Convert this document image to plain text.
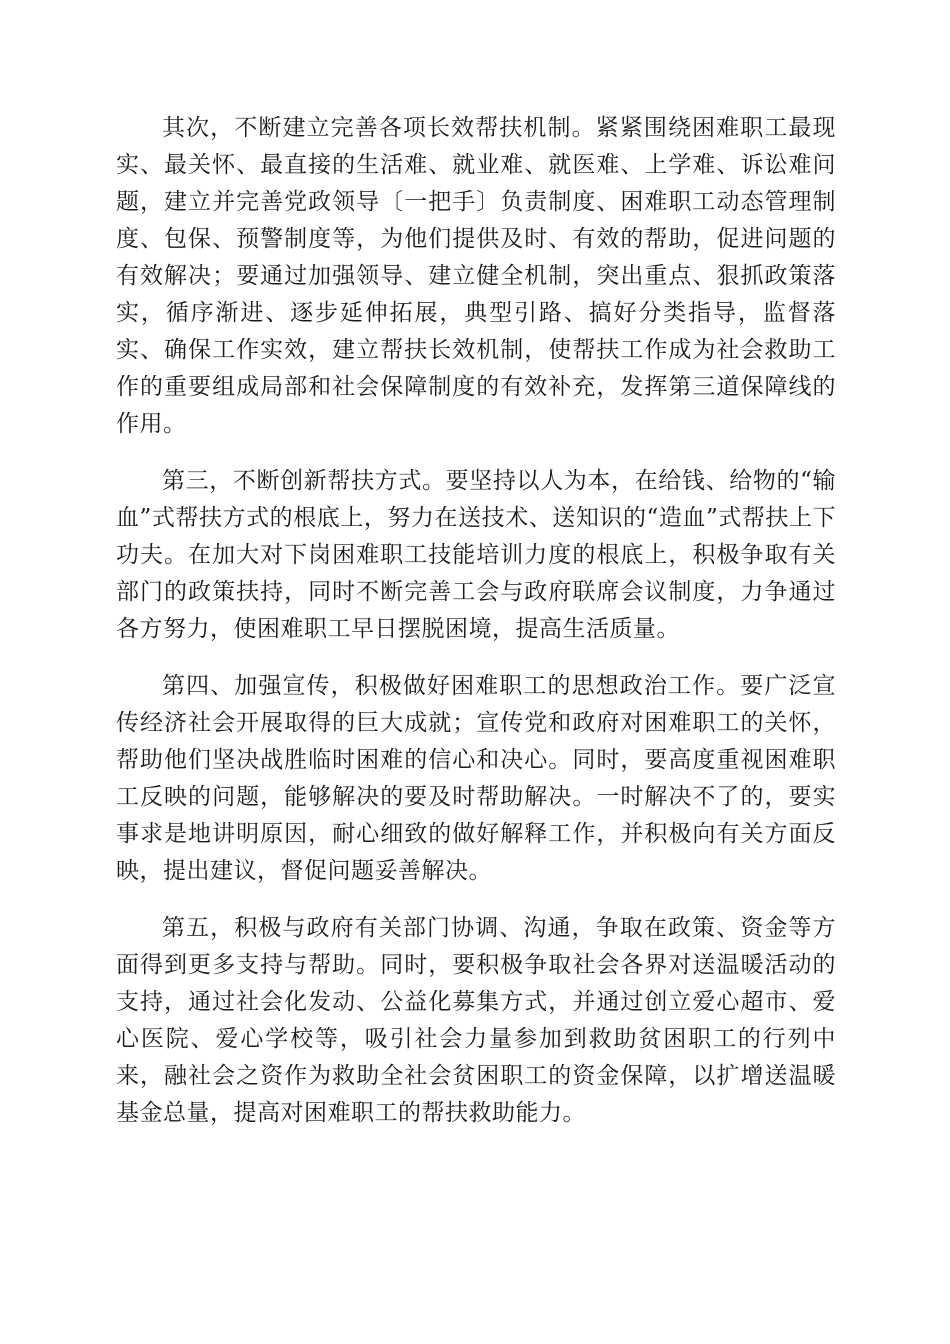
其次，不断建立完善各项长效帮扶机制。紧紧围绕困难职工最现实、最关怀、最直接的生活难、就业难、就医难、上学难、诉讼难问题，建立并完善党政领导〔一把手〕负责制度、困难职工动态管理制度、包保、预警制度等，为他们提供及时、有效的帮助，促进问题的有效解决；要通过加强领导、建立健全机制，突出重点、狠抓政策落实，循序渐进、逐步延伸拓展，典型引路、搞好分类指导，监督落实、确保工作实效，建立帮扶长效机制，使帮扶工作成为社会救助工作的重要组成局部和社会保障制度的有效补充，发挥第三道保障线的作用。

第三，不断创新帮扶方式。要坚持以人为本，在给钱、给物的“输血”式帮扶方式的根底上，努力在送技术、送知识的“造血”式帮扶上下功夫。在加大对下岗困难职工技能培训力度的根底上，积极争取有关部门的政策扶持，同时不断完善工会与政府联席会议制度，力争通过各方努力，使困难职工早日摆脱困境，提高生活质量。

第四、加强宣传，积极做好困难职工的思想政治工作。要广泛宣传经济社会开展取得的巨大成就；宣传党和政府对困难职工的关怀，帮助他们坚决战胜临时困难的信心和决心。同时，要高度重视困难职工反映的问题，能够解决的要及时帮助解决。一时解决不了的，要实事求是地讲明原因，耐心细致的做好解释工作，并积极向有关方面反映，提出建议，督促问题妥善解决。

第五，积极与政府有关部门协调、沟通，争取在政策、资金等方面得到更多支持与帮助。同时，要积极争取社会各界对送温暖活动的支持，通过社会化发动、公益化募集方式，并通过创立爱心超市、爱心医院、爱心学校等，吸引社会力量参加到救助贫困职工的行列中来，融社会之资作为救助全社会贫困职工的资金保障，以扩增送温暖基金总量，提高对困难职工的帮扶救助能力。
